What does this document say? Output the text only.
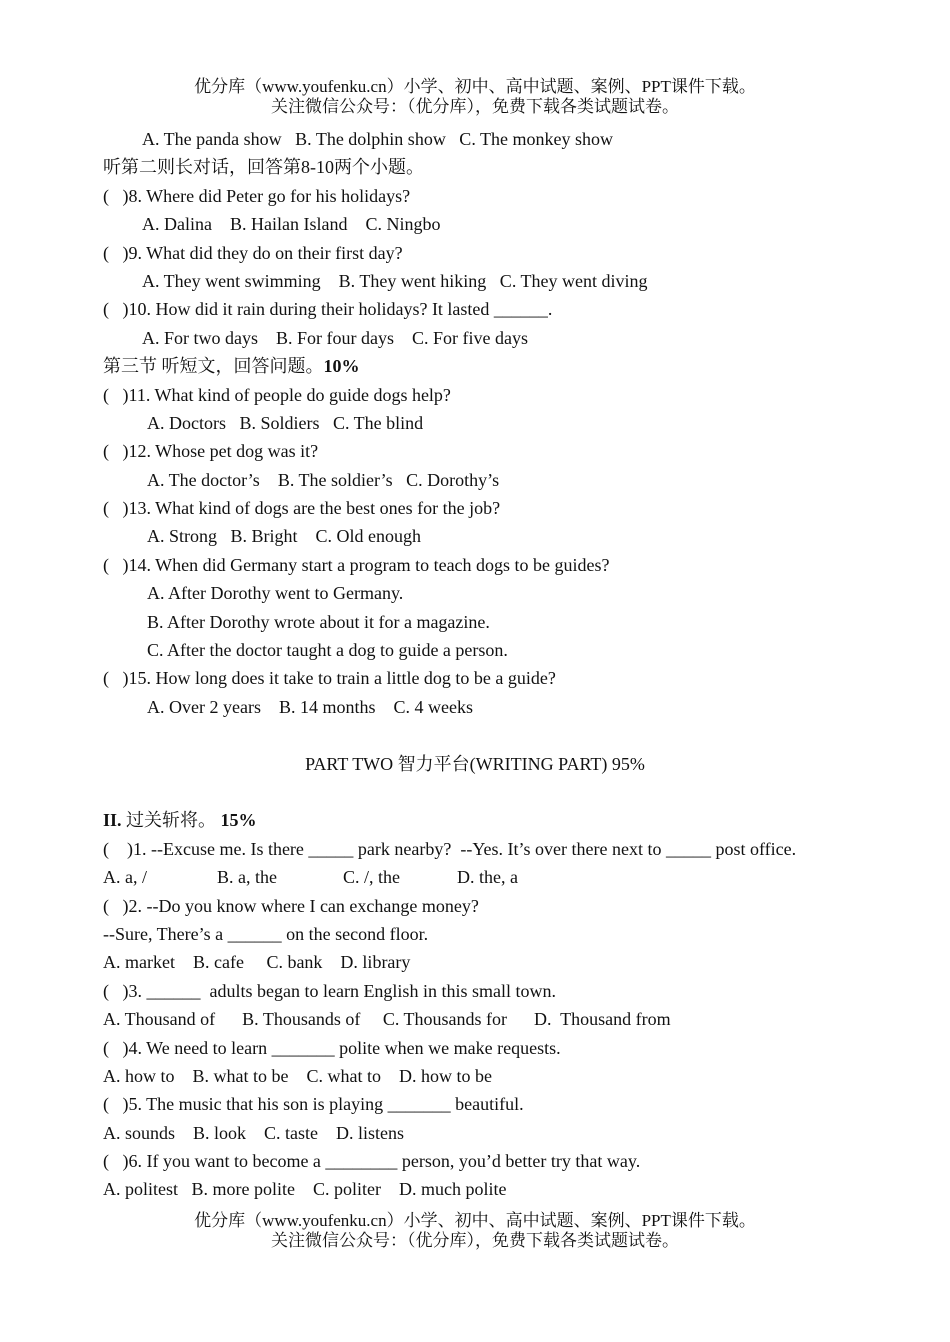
优分库（www.youfenku.cn）小学、初中、高中试题、案例、PPT课件下载。
关注微信公众号：（优分库），免费下载各类试题试卷。
A. The panda show   B. The dolphin show   C. The monkey show
听第二则长对话，回答第8-10两个小题。
(   )8. Where did Peter go for his holidays?
A. Dalina    B. Hailan Island    C. Ningbo
(   )9. What did they do on their first day?
A. They went swimming    B. They went hiking   C. They went diving
(   )10. How did it rain during their holidays? It lasted ______.
A. For two days    B. For four days    C. For five days
第三节 听短文，回答问题。10%
(   )11. What kind of people do guide dogs help?
A. Doctors   B. Soldiers   C. The blind
(   )12. Whose pet dog was it?
A. The doctor’s    B. The soldier’s   C. Dorothy’s
(   )13. What kind of dogs are the best ones for the job?
A. Strong   B. Bright    C. Old enough
(   )14. When did Germany start a program to teach dogs to be guides?
A. After Dorothy went to Germany.
B. After Dorothy wrote about it for a magazine.
C. After the doctor taught a dog to guide a person.
(   )15. How long does it take to train a little dog to be a guide?
A. Over 2 years    B. 14 months    C. 4 weeks
PART TWO 智力平台(WRITING PART) 95%
II. 过关斩将。 15%
(    )1. --Excuse me. Is there _____ park nearby?  --Yes. It’s over there next to _____ post office.
A. a, /	B. a, the	C. /, the	D. the, a
(   )2. --Do you know where I can exchange money?
--Sure, There’s a ______ on the second floor.
A. market    B. cafe     C. bank    D. library
(   )3. ______  adults began to learn English in this small town.
A. Thousand of      B. Thousands of     C. Thousands for      D.  Thousand from
(   )4. We need to learn _______ polite when we make requests.
A. how to    B. what to be    C. what to    D. how to be
(   )5. The music that his son is playing _______ beautiful.
A. sounds    B. look    C. taste    D. listens
(   )6. If you want to become a ________ person, you’d better try that way.
A. politest   B. more polite    C. politer    D. much polite
优分库（www.youfenku.cn）小学、初中、高中试题、案例、PPT课件下载。
关注微信公众号：（优分库），免费下载各类试题试卷。
